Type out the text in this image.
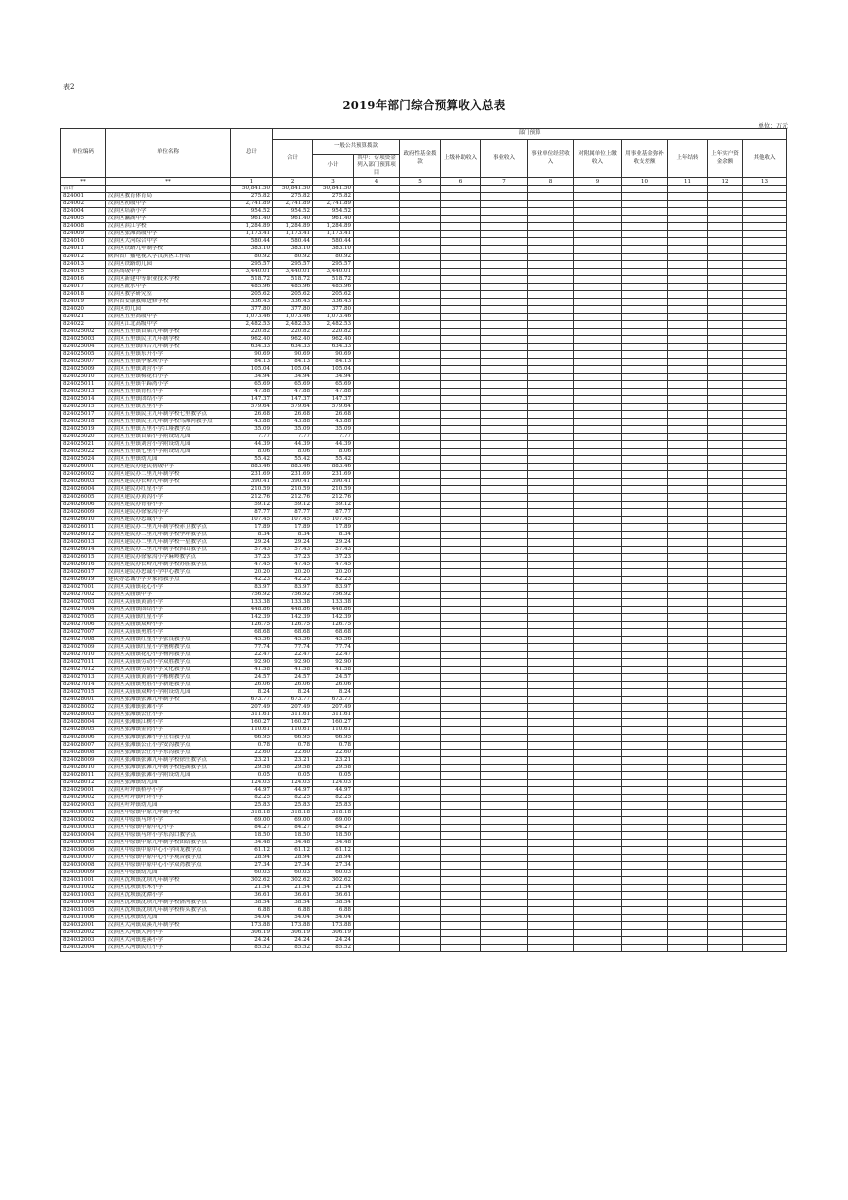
表2
2019年部门综合预算收入总表
单位：万元
单位编码	单位名称	总计	部门预算											
			合计	一般公共预算拨款		政府性基金拨款	上级补助收入	事业收入	事业单位经营收入	对附属单位上缴收入	用事业基金弥补收支差额	上年结转	上年实户资金余额	其他收入
				小计	其中：专项资金列入部门预算项目									
**	**	1	2	3	4	5	6	7	8	9	10	11	12	13
合计		50,841.50	50,841.50	50,841.50										
824001	汉滨区教育体育局	275.82	275.82	275.82										
824002	汉滨区初级中学	2,741.89	2,741.89	2,741.89										
824004	汉滨区培新小学	954.52	954.52	954.52										
824005	汉滨区瀛湖中学	961.40	961.40	961.40										
824008	汉滨区滨江学校	1,284.89	1,284.89	1,284.89										
824009	汉滨区张滩高级中学	1,173.41	1,173.41	1,173.41										
824010	汉滨区大河综合中学	580.44	580.44	580.44										
824011	汉滨区铁路九年制学校	383.10	383.10	383.10										
824012	陕西省广播电视大学汉滨区工作站	80.92	80.92	80.92										
824013	汉滨区铁路幼儿园	295.57	295.57	295.57										
824015	汉滨高级中学	3,440.01	3,440.01	3,440.01										
824016	汉滨区新建中等职业技术学校	518.72	518.72	518.72										
824017	汉滨区流水中学	485.96	485.96	485.96										
824018	汉滨区教学研究室	205.62	205.62	205.62										
824019	陕西省安康教师进修学校	336.43	336.43	336.43										
824020	汉滨区幼儿园	377.80	377.80	377.80										
824021	汉滨区五里高级中学	1,073.46	1,073.46	1,073.46										
824022	汉滨区江北高级中学	2,482.53	2,482.53	2,482.53										
824025002	汉滨区五里镇首届九年制学校	220.82	220.82	220.82										
824025003	汉滨区五里镇民主九年制学校	962.40	962.40	962.40										
824025004	汉滨区五里镇四合九年制学校	634.33	634.33	634.33										
824025005	汉滨区五里镇东升小学	90.69	90.69	90.69										
824025007	汉滨区五里镇李家坝小学	84.13	84.13	84.13										
824025009	汉滨区五里镇刘营小学	105.04	105.04	105.04										
824025010	汉滨区五里镇梅花石小学	34.94	34.94	34.94										
824025011	汉滨区五里镇牛蹄湾小学	65.69	65.69	65.69										
824025013	汉滨区五里镇青杠小学	47.88	47.88	47.88										
824025014	汉滨区五里镇团结小学	147.37	147.37	147.37										
824025015	汉滨区五里镇五里小学	579.64	579.64	579.64										
824025017	汉滨区五里镇民主九年制学校七里教学点	26.68	26.68	26.68										
824025018	汉滨区五里镇民主九年制学校乌滩河教学点	43.88	43.88	43.88										
824025019	汉滨区五里镇五里小学江垭教学点	35.09	35.09	35.09										
824025020	汉滨区五里镇首届小学附设幼儿园	7.77	7.77	7.77										
824025021	汉滨区五里镇刘营小学附设幼儿园	44.39	44.39	44.39										
824025022	汉滨区五里镇七里小学附设幼儿园	8.06	8.06	8.06										
824025024	汉滨区五里镇幼儿园	55.42	55.42	55.42										
824026001	汉滨区建民办建民初级中学	883.46	883.46	883.46										
824026002	汉滨区建民办二里九年制学校	231.69	231.69	231.69										
824026003	汉滨区建民办长岭九年制学校	390.41	390.41	390.41										
824026004	汉滨区建民办红星小学	210.59	210.59	210.59										
824026005	汉滨区建民办黄沟小学	212.76	212.76	212.76										
824026006	汉滨区建民办青春小学	59.12	59.12	59.12										
824026009	汉滨区建民办徐家沟小学	87.77	87.77	87.77										
824026010	汉滨区建民办忠诚小学	107.45	107.45	107.45										
824026011	汉滨区建民办二里九年制学校赤卫教学点	17.89	17.89	17.89										
824026012	汉滨区建民办二里九年制学校李坪教学点	8.34	8.34	8.34										
824026013	汉滨区建民办二里九年制学校一星教学点	29.24	29.24	29.24										
824026014	汉滨区建民办二里九年制学校西山教学点	57.43	57.43	57.43										
824026015	汉滨区建民办徐家沟小学麻岭教学点	37.23	37.23	37.23										
824026016	汉滨区建民办长岭九年制学校苏胜教学点	47.45	47.45	47.45										
824026017	汉滨区建民办忠诚小学中心教学点	20.20	20.20	20.20										
824026019	建民办忠诚小学罗家湾教学点	42.23	42.23	42.23										
824027001	汉滨区关庙镇花心小学	83.97	83.97	83.97										
824027002	汉滨区关庙镇中学	756.92	756.92	756.92										
824027003	汉滨区关庙镇黄涌小学	133.38	133.38	133.38										
824027004	汉滨区关庙镇团结小学	448.86	448.86	448.86										
824027005	汉滨区关庙镇红星小学	142.39	142.39	142.39										
824027006	汉滨区关庙镇双岭小学	126.75	126.75	126.75										
824027007	汉滨区关庙镇勇胜小学	68.68	68.68	68.68										
824027008	汉滨区关庙镇红星小学张良教学点	45.56	45.56	45.56										
824027009	汉滨区关庙镇红星小学堡树教学点	77.74	77.74	77.74										
824027010	汉滨区关庙镇花心小学杨河教学点	22.47	22.47	22.47										
824027011	汉滨区关庙镇劳动小学双胜教学点	92.90	92.90	92.90										
824027012	汉滨区关庙镇劳动小学文化教学点	41.58	41.58	41.58										
824027013	汉滨区关庙镇黄涌小学栋树教学点	24.57	24.57	24.57										
824027014	汉滨区关庙镇勇胜小学新建教学点	26.06	26.06	26.06										
824027015	汉滨区关庙镇双岭小学附设幼儿园	8.24	8.24	8.24										
824028001	汉滨区张滩镇张滩九年制学校	673.77	673.77	673.77										
824028002	汉滨区张滩镇张滩小学	207.49	207.49	207.49										
824028003	汉滨区张滩镇公正小学	311.61	311.61	311.61										
824028004	汉滨区张滩镇江树小学	160.27	160.27	160.27										
824028005	汉滨区张滩镇金湾小学	110.61	110.61	110.61										
824028006	汉滨区张滩镇张滩小学立石教学点	66.95	66.95	66.95										
824028007	汉滨区张滩镇公正小学安沟教学点	0.78	0.78	0.78										
824028008	汉滨区张滩镇公正小学东沟教学点	22.60	22.60	22.60										
824028009	汉滨区张滩镇张滩九年制学校徐庄教学点	23.21	23.21	23.21										
824028010	汉滨区张滩镇张滩九年制学校莲湖教学点	29.58	29.58	29.58										
824028011	汉滨区张滩镇张滩小学附设幼儿园	0.05	0.05	0.05										
824028012	汉滨区张滩镇幼儿园	124.03	124.03	124.03										
824029001	汉滨区叶坪镇桥亭小学	44.97	44.97	44.97										
824029002	汉滨区叶坪镇叶坪小学	82.25	82.25	82.25										
824029003	汉滨区叶坪镇幼儿园	25.83	25.83	25.83										
824030001	汉滨区中原镇中原九年制学校	318.18	318.18	318.18										
824030002	汉滨区中原镇马坪小学	69.00	69.00	69.00										
824030003	汉滨区中原镇中原中心小学	84.27	84.27	84.27										
824030004	汉滨区中原镇马坪小学东沟口教学点	18.50	18.50	18.50										
824030005	汉滨区中原镇中原九年制学校团结教学点	34.48	34.48	34.48										
824030006	汉滨区中原镇中原中心小学回龙教学点	61.12	61.12	61.12										
824030007	汉滨区中原镇中原中心小学观音教学点	28.94	28.94	28.94										
824030008	汉滨区中原镇中原中心小学双湾教学点	27.34	27.34	27.34										
824030009	汉滨区中原镇幼儿园	60.03	60.03	60.03										
824031001	汉滨区沈坝镇沈坝九年制学校	302.62	302.62	302.62										
824031002	汉滨区沈坝镇东禾小学	21.54	21.54	21.54										
824031003	汉滨区沈坝镇沈潭小学	36.61	36.61	36.61										
824031004	汉滨区沈坝镇沈坝九年制学校洛河教学点	38.54	38.54	38.54										
824031005	汉滨区沈坝镇沈坝九年制学校桥头教学点	6.88	6.88	6.88										
824031006	汉滨区沈坝镇幼儿园	54.04	54.04	54.04										
824032001	汉滨区大河镇双溪九年制学校	173.88	173.88	173.88										
824032002	汉滨区大河镇大河小学	306.19	306.19	306.19										
824032003	汉滨区大河镇莲溪小学	24.24	24.24	24.24										
824032004	汉滨区大河镇民红小学	85.52	85.52	85.52										
